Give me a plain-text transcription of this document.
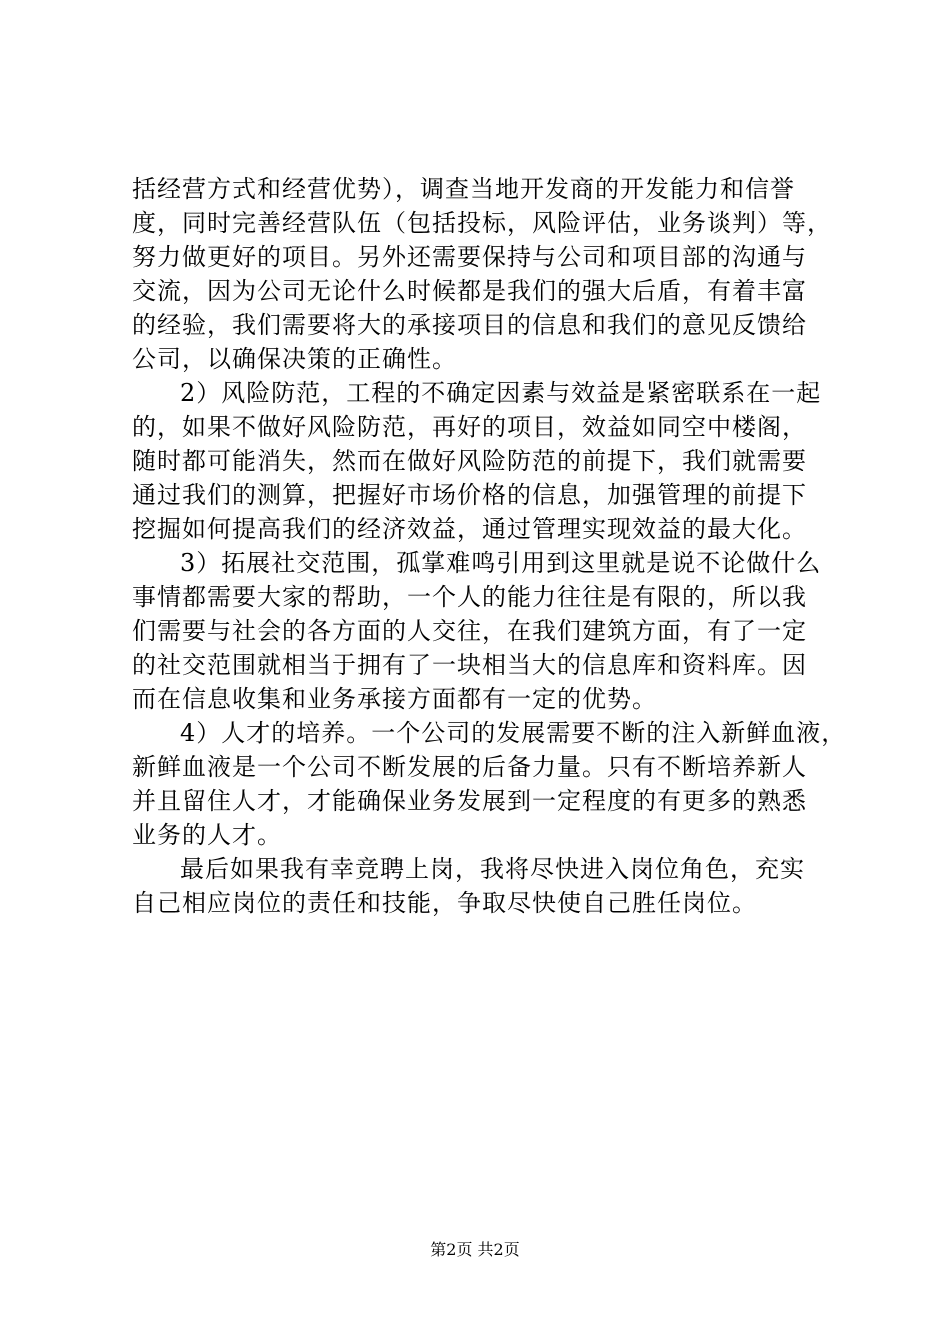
括经营方式和经营优势），调查当地开发商的开发能力和信誉
度，同时完善经营队伍（包括投标，风险评估，业务谈判）等，
努力做更好的项目。另外还需要保持与公司和项目部的沟通与
交流，因为公司无论什么时候都是我们的强大后盾，有着丰富
的经验，我们需要将大的承接项目的信息和我们的意见反馈给
公司，以确保决策的正确性。
2）风险防范，工程的不确定因素与效益是紧密联系在一起
的，如果不做好风险防范，再好的项目，效益如同空中楼阁，
随时都可能消失，然而在做好风险防范的前提下，我们就需要
通过我们的测算，把握好市场价格的信息，加强管理的前提下
挖掘如何提高我们的经济效益，通过管理实现效益的最大化。
3）拓展社交范围，孤掌难鸣引用到这里就是说不论做什么
事情都需要大家的帮助，一个人的能力往往是有限的，所以我
们需要与社会的各方面的人交往，在我们建筑方面，有了一定
的社交范围就相当于拥有了一块相当大的信息库和资料库。因
而在信息收集和业务承接方面都有一定的优势。
4）人才的培养。一个公司的发展需要不断的注入新鲜血液，
新鲜血液是一个公司不断发展的后备力量。只有不断培养新人
并且留住人才，才能确保业务发展到一定程度的有更多的熟悉
业务的人才。
最后如果我有幸竞聘上岗，我将尽快进入岗位角色，充实
自己相应岗位的责任和技能，争取尽快使自己胜任岗位。
第2页 共2页
